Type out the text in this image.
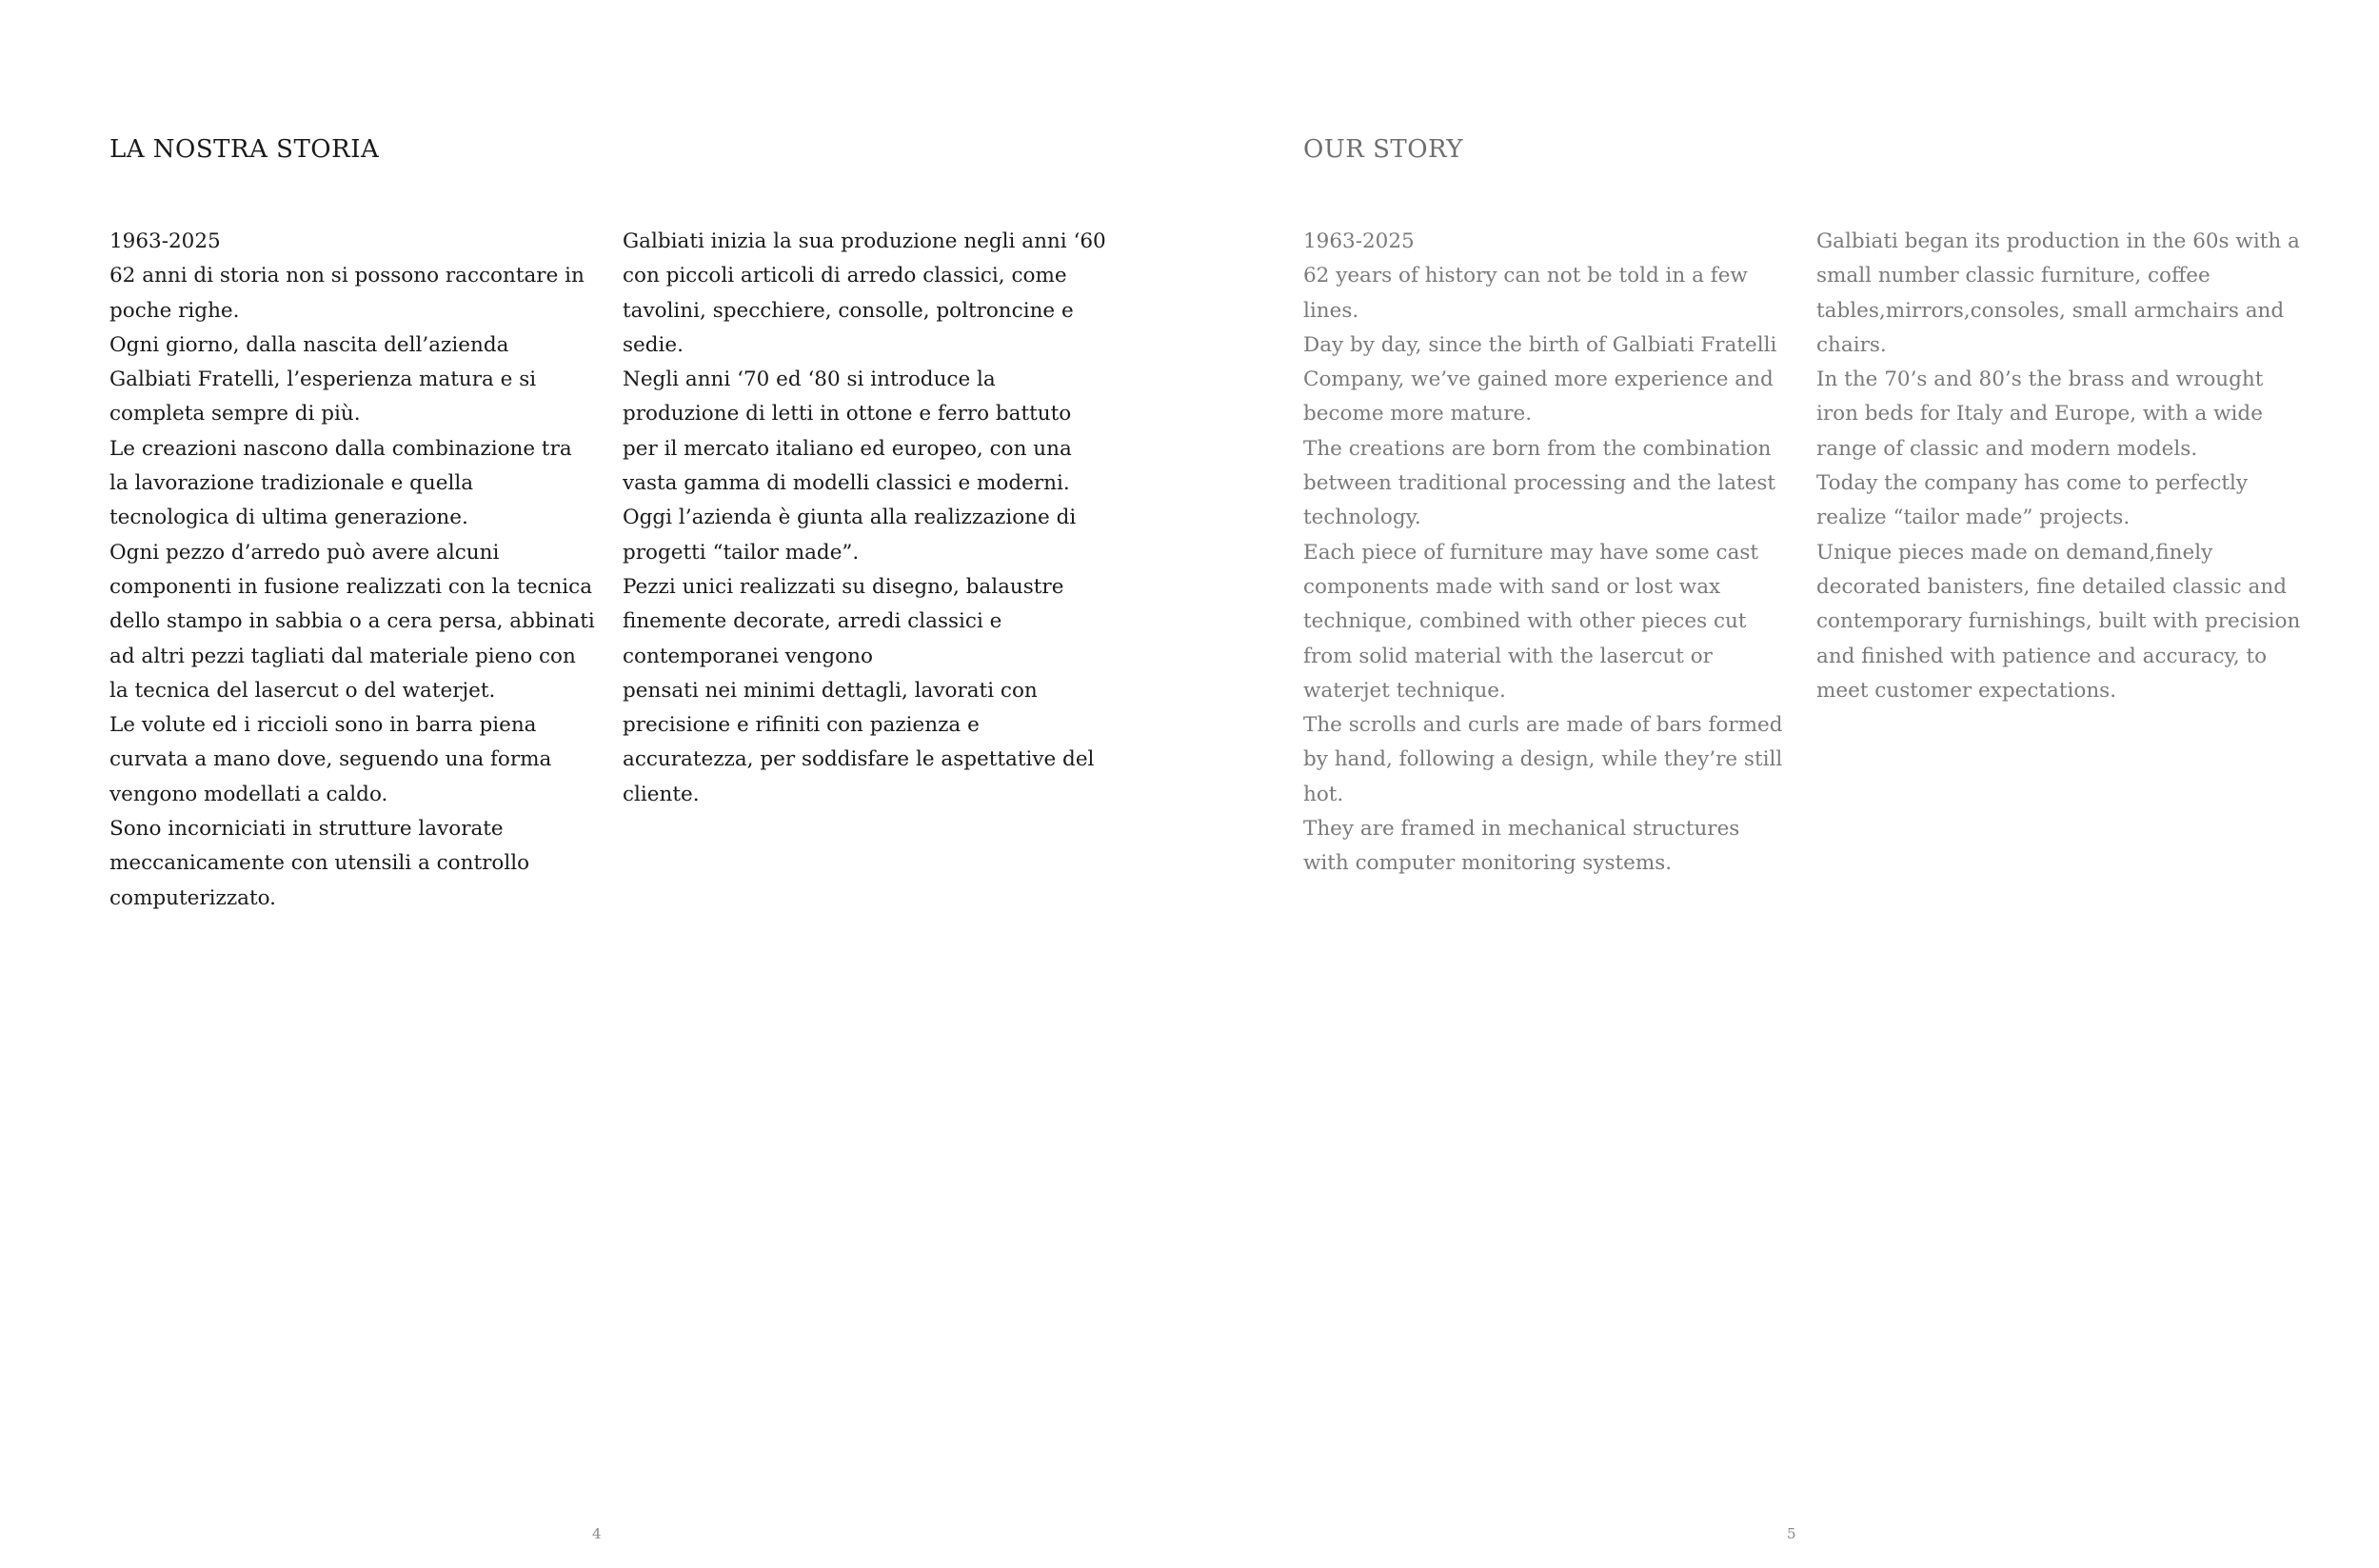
LA NOSTRA STORIA

1963-2025

62 anni di storia non si possono raccontare in poche righe.

Ogni giorno, dalla nascita dell’azienda Galbiati Fratelli, l’esperienza matura e si completa sempre di più.

Le creazioni nascono dalla combinazione tra la lavorazione tradizionale e quella tecnologica di ultima generazione.

Ogni pezzo d’arredo può avere alcuni componenti in fusione realizzati con la tecnica dello stampo in sabbia o a cera persa, abbinati ad altri pezzi tagliati dal materiale pieno con la tecnica del lasercut o del waterjet.

Le volute ed i riccioli sono in barra piena curvata a mano dove, seguendo una forma vengono modellati a caldo.

Sono incorniciati in strutture lavorate meccanicamente con utensili a controllo computerizzato.

Galbiati inizia la sua produzione negli anni ‘60 con piccoli articoli di arredo classici, come tavolini, specchiere, consolle, poltroncine e sedie.

Negli anni ‘70 ed ‘80 si introduce la produzione di letti in ottone e ferro battuto per il mercato italiano ed europeo, con una vasta gamma di modelli classici e moderni.

Oggi l’azienda è giunta alla realizzazione di progetti “tailor made”.

Pezzi unici realizzati su disegno, balaustre finemente decorate, arredi classici e contemporanei vengono

pensati nei minimi dettagli, lavorati con precisione e rifiniti con pazienza e accuratezza, per soddisfare le aspettative del cliente.

4
OUR STORY

1963-2025

62 years of history can not be told in a few lines.

Day by day, since the birth of Galbiati Fratelli Company, we’ve gained more experience and become more mature.

The creations are born from the combination between traditional processing and the latest technology.

Each piece of furniture may have some cast components made with sand or lost wax technique, combined with other pieces cut from solid material with the lasercut or waterjet technique.

The scrolls and curls are made of bars formed by hand, following a design, while they’re still hot.

They are framed in mechanical structures with computer monitoring systems.

Galbiati began its production in the 60s with a small number classic furniture, coffee tables,mirrors,consoles, small armchairs and chairs.

In the 70’s and 80’s the brass and wrought iron beds for Italy and Europe, with a wide range of classic and modern models.

Today the company has come to perfectly realize “tailor made” projects.

Unique pieces made on demand,finely decorated banisters, fine detailed classic and contemporary furnishings, built with precision and finished with patience and accuracy, to meet customer expectations.

5
